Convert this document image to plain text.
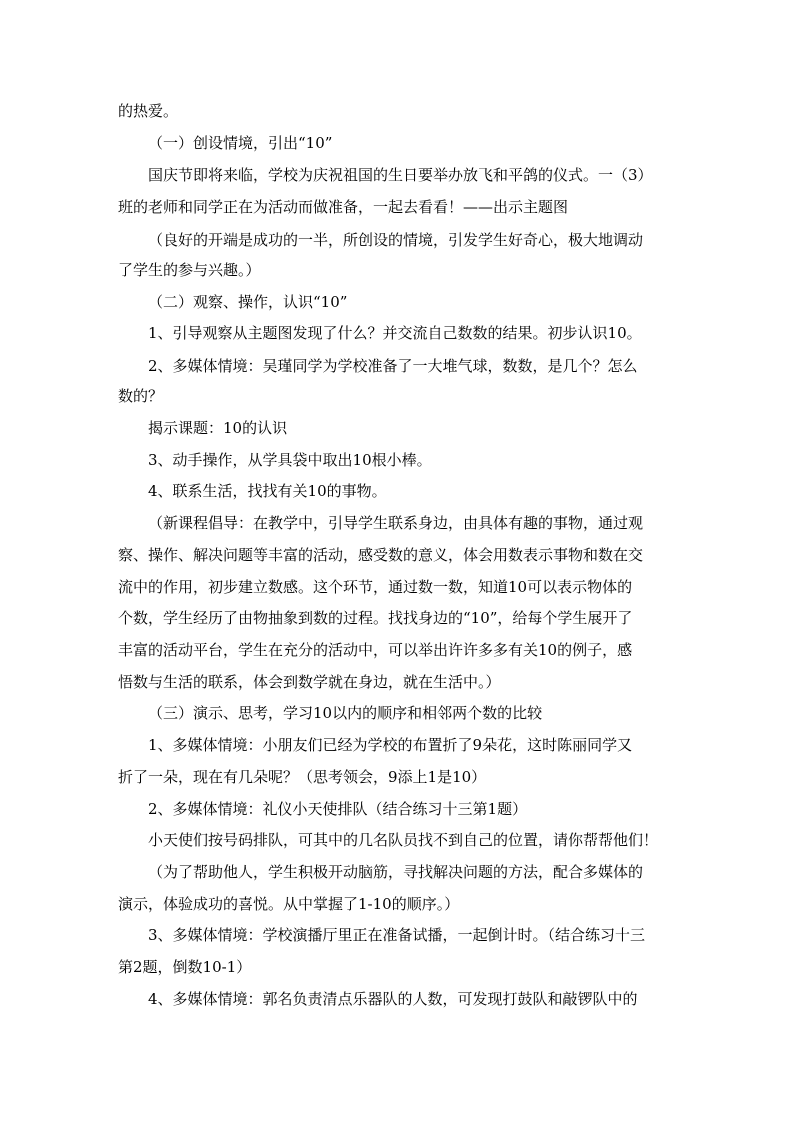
的热爱。
（一）创设情境，引出“10”
国庆节即将来临，学校为庆祝祖国的生日要举办放飞和平鸽的仪式。一（3）
班的老师和同学正在为活动而做准备，一起去看看！——出示主题图
（良好的开端是成功的一半，所创设的情境，引发学生好奇心，极大地调动
了学生的参与兴趣。）
（二）观察、操作，认识“10”
1、引导观察从主题图发现了什么？并交流自己数数的结果。初步认识10。
2、多媒体情境：吴瑾同学为学校准备了一大堆气球，数数，是几个？怎么
数的？
揭示课题：10的认识
3、动手操作，从学具袋中取出10根小棒。
4、联系生活，找找有关10的事物。
（新课程倡导：在教学中，引导学生联系身边，由具体有趣的事物，通过观
察、操作、解决问题等丰富的活动，感受数的意义，体会用数表示事物和数在交
流中的作用，初步建立数感。这个环节，通过数一数，知道10可以表示物体的
个数，学生经历了由物抽象到数的过程。找找身边的“10”，给每个学生展开了
丰富的活动平台，学生在充分的活动中，可以举出许许多多有关10的例子，感
悟数与生活的联系，体会到数学就在身边，就在生活中。）
（三）演示、思考，学习10以内的顺序和相邻两个数的比较
1、多媒体情境：小朋友们已经为学校的布置折了9朵花，这时陈丽同学又
折了一朵，现在有几朵呢？（思考领会，9添上1是10）
2、多媒体情境：礼仪小天使排队（结合练习十三第1题）
小天使们按号码排队，可其中的几名队员找不到自己的位置，请你帮帮他们！
（为了帮助他人，学生积极开动脑筋，寻找解决问题的方法，配合多媒体的
演示，体验成功的喜悦。从中掌握了1-10的顺序。）
3、多媒体情境：学校演播厅里正在准备试播，一起倒计时。（结合练习十三
第2题，倒数10-1）
4、多媒体情境：郭名负责清点乐器队的人数，可发现打鼓队和敲锣队中的
